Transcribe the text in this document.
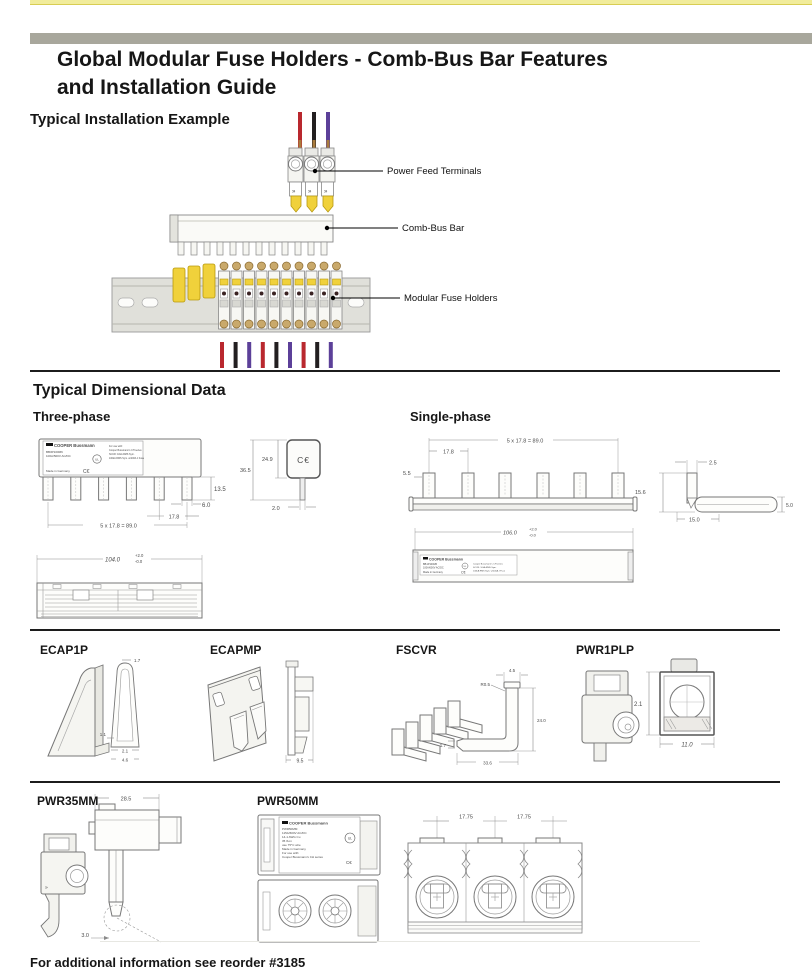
Global Modular Fuse Holders - Comb-Bus Bar Features
and Installation Guide
Typical Installation Example
»
Power Feed Terminals
Comb-Bus Bar
Modular Fuse Holders
Typical Dimensional Data
Three-phase	Single-phase
COOPER Bussmann
BB3P100M6
100A/500V AC/DC
Made in Germany	C€
UL
For use with:
Cooper Bussmann's CH series
SCCR: 10kA RMS Sym.
100kA RMS Sym. w/200A J Fuse
13.5
6.0
17.8
5 x 17.8 = 89.0
C€
36.5
24.9
2.0
104.0
+2.0
-0.0
5 x 17.8 = 89.0
17.8
5.5
2.5
15.6
15.0
5.0
106.0
+2.0
-0.0
COOPER Bussmann
BB1P100M6
100A/600V AC/DC
Made in Germany
UL
C€
Cooper Bussmann's CH series
SCCR: 10kA RMS Sym.
100kA RMS Sym. w/200A J Fuse
ECAP1P	ECAPMP	FSCVR	PWR1PLP
1.7
1.1
2.1
4.6	9.5
R0.5
4.5
24.0
33.6
1.7
2.1
11.0
PWR35MM	PWR50MM
28.5
3.0
»
COOPER Bussmann
PWR50MM
115A/600V AC/DC
14-1 AWG Cu
35 lb-in
use 75°C wire
Made in Germany
For use with:
Cooper Bussmann's CH series
UL
C€
17.75	17.75
For additional information see reorder #3185
